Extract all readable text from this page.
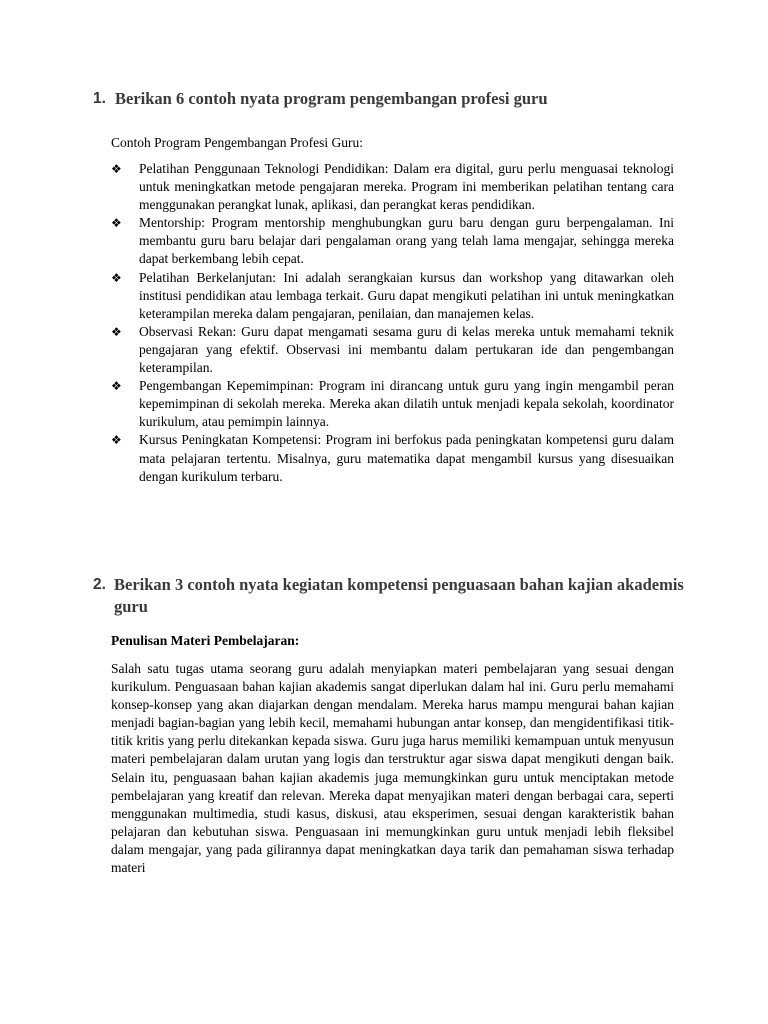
1. Berikan 6 contoh nyata program pengembangan profesi guru
Contoh Program Pengembangan Profesi Guru:
❖ Pelatihan Penggunaan Teknologi Pendidikan: Dalam era digital, guru perlu menguasai teknologi untuk meningkatkan metode pengajaran mereka. Program ini memberikan pelatihan tentang cara menggunakan perangkat lunak, aplikasi, dan perangkat keras pendidikan.
❖ Mentorship: Program mentorship menghubungkan guru baru dengan guru berpengalaman. Ini membantu guru baru belajar dari pengalaman orang yang telah lama mengajar, sehingga mereka dapat berkembang lebih cepat.
❖ Pelatihan Berkelanjutan: Ini adalah serangkaian kursus dan workshop yang ditawarkan oleh institusi pendidikan atau lembaga terkait. Guru dapat mengikuti pelatihan ini untuk meningkatkan keterampilan mereka dalam pengajaran, penilaian, dan manajemen kelas.
❖ Observasi Rekan: Guru dapat mengamati sesama guru di kelas mereka untuk memahami teknik pengajaran yang efektif. Observasi ini membantu dalam pertukaran ide dan pengembangan keterampilan.
❖ Pengembangan Kepemimpinan: Program ini dirancang untuk guru yang ingin mengambil peran kepemimpinan di sekolah mereka. Mereka akan dilatih untuk menjadi kepala sekolah, koordinator kurikulum, atau pemimpin lainnya.
❖ Kursus Peningkatan Kompetensi: Program ini berfokus pada peningkatan kompetensi guru dalam mata pelajaran tertentu. Misalnya, guru matematika dapat mengambil kursus yang disesuaikan dengan kurikulum terbaru.
2. Berikan 3 contoh nyata kegiatan kompetensi penguasaan bahan kajian akademis guru
Penulisan Materi Pembelajaran:

Salah satu tugas utama seorang guru adalah menyiapkan materi pembelajaran yang sesuai dengan kurikulum. Penguasaan bahan kajian akademis sangat diperlukan dalam hal ini. Guru perlu memahami konsep-konsep yang akan diajarkan dengan mendalam. Mereka harus mampu mengurai bahan kajian menjadi bagian-bagian yang lebih kecil, memahami hubungan antar konsep, dan mengidentifikasi titik-titik kritis yang perlu ditekankan kepada siswa. Guru juga harus memiliki kemampuan untuk menyusun materi pembelajaran dalam urutan yang logis dan terstruktur agar siswa dapat mengikuti dengan baik. Selain itu, penguasaan bahan kajian akademis juga memungkinkan guru untuk menciptakan metode pembelajaran yang kreatif dan relevan. Mereka dapat menyajikan materi dengan berbagai cara, seperti menggunakan multimedia, studi kasus, diskusi, atau eksperimen, sesuai dengan karakteristik bahan pelajaran dan kebutuhan siswa. Penguasaan ini memungkinkan guru untuk menjadi lebih fleksibel dalam mengajar, yang pada gilirannya dapat meningkatkan daya tarik dan pemahaman siswa terhadap materi
